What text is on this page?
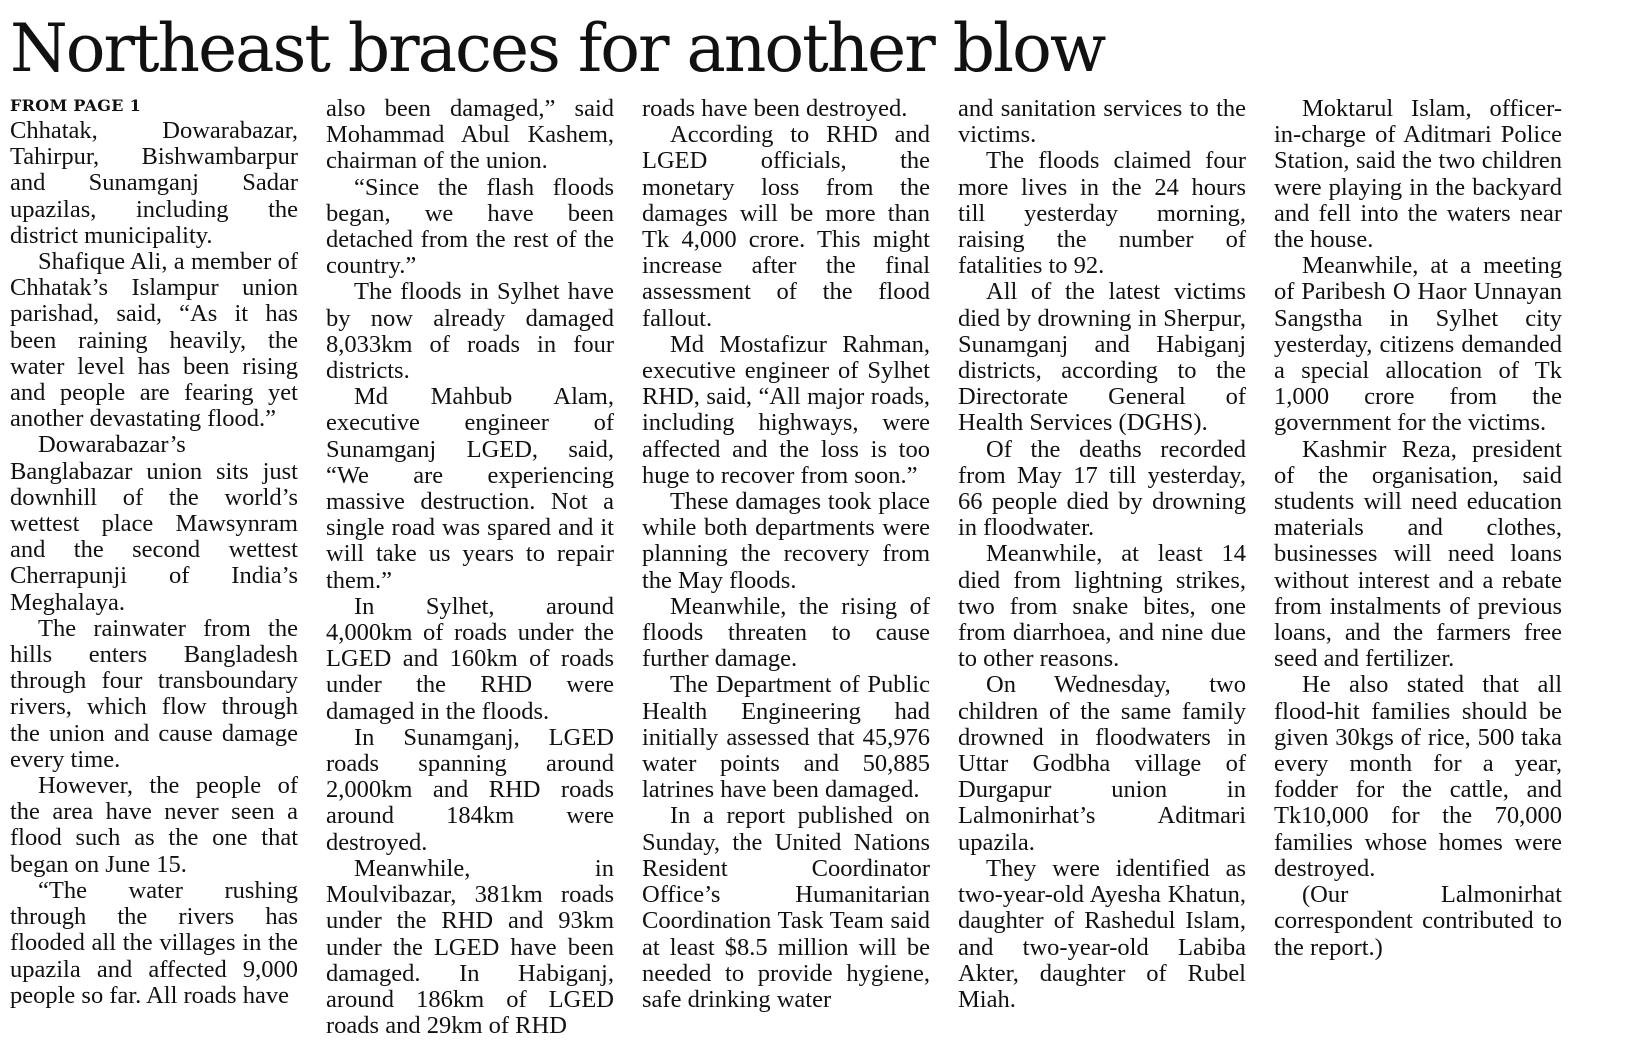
Northeast braces for another blow
FROM PAGE 1

Chhatak, Dowarabazar, Tahirpur, Bishwambarpur and Sunamganj Sadar upazilas, including the district municipality.

Shafique Ali, a member of Chhatak’s Islampur union parishad, said, “As it has been raining heavily, the water level has been rising and people are fearing yet another devastating flood.”

Dowarabazar’s Banglabazar union sits just downhill of the world’s wettest place Mawsynram and the second wettest Cherrapunji of India’s Meghalaya.

The rainwater from the hills enters Bangladesh through four transboundary rivers, which flow through the union and cause damage every time.

However, the people of the area have never seen a flood such as the one that began on June 15.

“The water rushing through the rivers has flooded all the villages in the upazila and affected 9,000 people so far. All roads have

also been damaged,” said Mohammad Abul Kashem, chairman of the union.

“Since the flash floods began, we have been detached from the rest of the country.”

The floods in Sylhet have by now already damaged 8,033km of roads in four districts.

Md Mahbub Alam, executive engineer of Sunamganj LGED, said, “We are experiencing massive destruction. Not a single road was spared and it will take us years to repair them.”

In Sylhet, around 4,000km of roads under the LGED and 160km of roads under the RHD were damaged in the floods.

In Sunamganj, LGED roads spanning around 2,000km and RHD roads around 184km were destroyed.

Meanwhile, in Moulvibazar, 381km roads under the RHD and 93km under the LGED have been damaged. In Habiganj, around 186km of LGED roads and 29km of RHD

roads have been destroyed.

According to RHD and LGED officials, the monetary loss from the damages will be more than Tk 4,000 crore. This might increase after the final assessment of the flood fallout.

Md Mostafizur Rahman, executive engineer of Sylhet RHD, said, “All major roads, including highways, were affected and the loss is too huge to recover from soon.”

These damages took place while both departments were planning the recovery from the May floods.

Meanwhile, the rising of floods threaten to cause further damage.

The Department of Public Health Engineering had initially assessed that 45,976 water points and 50,885 latrines have been damaged.

In a report published on Sunday, the United Nations Resident Coordinator Office’s Humanitarian Coordination Task Team said at least $8.5 million will be needed to provide hygiene, safe drinking water

and sanitation services to the victims.

The floods claimed four more lives in the 24 hours till yesterday morning, raising the number of fatalities to 92.

All of the latest victims died by drowning in Sherpur, Sunamganj and Habiganj districts, according to the Directorate General of Health Services (DGHS).

Of the deaths recorded from May 17 till yesterday, 66 people died by drowning in floodwater.

Meanwhile, at least 14 died from lightning strikes, two from snake bites, one from diarrhoea, and nine due to other reasons.

On Wednesday, two children of the same family drowned in floodwaters in Uttar Godbha village of Durgapur union in Lalmonirhat’s Aditmari upazila.

They were identified as two-year-old Ayesha Khatun, daughter of Rashedul Islam, and two-year-old Labiba Akter, daughter of Rubel Miah.

Moktarul Islam, officer-in-charge of Aditmari Police Station, said the two children were playing in the backyard and fell into the waters near the house.

Meanwhile, at a meeting of Paribesh O Haor Unnayan Sangstha in Sylhet city yesterday, citizens demanded a special allocation of Tk 1,000 crore from the government for the victims.

Kashmir Reza, president of the organisation, said students will need education materials and clothes, businesses will need loans without interest and a rebate from instalments of previous loans, and the farmers free seed and fertilizer.

He also stated that all flood-hit families should be given 30kgs of rice, 500 taka every month for a year, fodder for the cattle, and Tk10,000 for the 70,000 families whose homes were destroyed.

(Our Lalmonirhat correspondent contributed to the report.)
